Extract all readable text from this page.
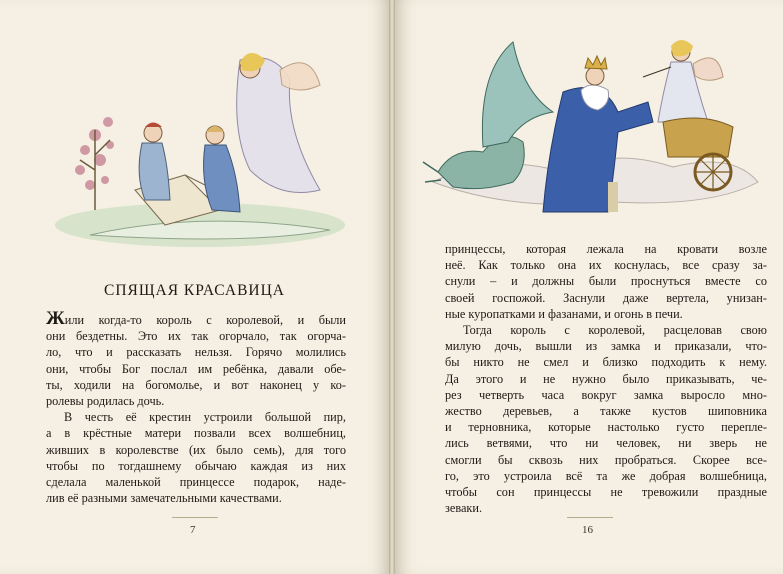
СПЯЩАЯ КРАСАВИЦА
Жили когда-то король с королевой, и были
они бездетны. Это их так огорчало, так огорча-
ло, что и рассказать нельзя. Горячо молились
они, чтобы Бог послал им ребёнка, давали обе-
ты, ходили на богомолье, и вот наконец у ко-
ролевы родилась дочь.
В честь её крестин устроили большой пир,
а в крёстные матери позвали всех волшебниц,
живших в королевстве (их было семь), для того
чтобы по тогдашнему обычаю каждая из них
сделала маленькой принцессе подарок, наде-
лив её разными замечательными качествами.
7
принцессы, которая лежала на кровати возле
неё. Как только она их коснулась, все сразу за-
снули – и должны были проснуться вместе со
своей госпожой. Заснули даже вертела, унизан-
ные куропатками и фазанами, и огонь в печи.
Тогда король с королевой, расцеловав свою
милую дочь, вышли из замка и приказали, что-
бы никто не смел и близко подходить к нему.
Да этого и не нужно было приказывать, че-
рез четверть часа вокруг замка выросло мно-
жество деревьев, а также кустов шиповника
и терновника, которые настолько густо перепле-
лись ветвями, что ни человек, ни зверь не
смогли бы сквозь них пробраться. Скорее все-
го, это устроила всё та же добрая волшебница,
чтобы сон принцессы не тревожили праздные
зеваки.
16
